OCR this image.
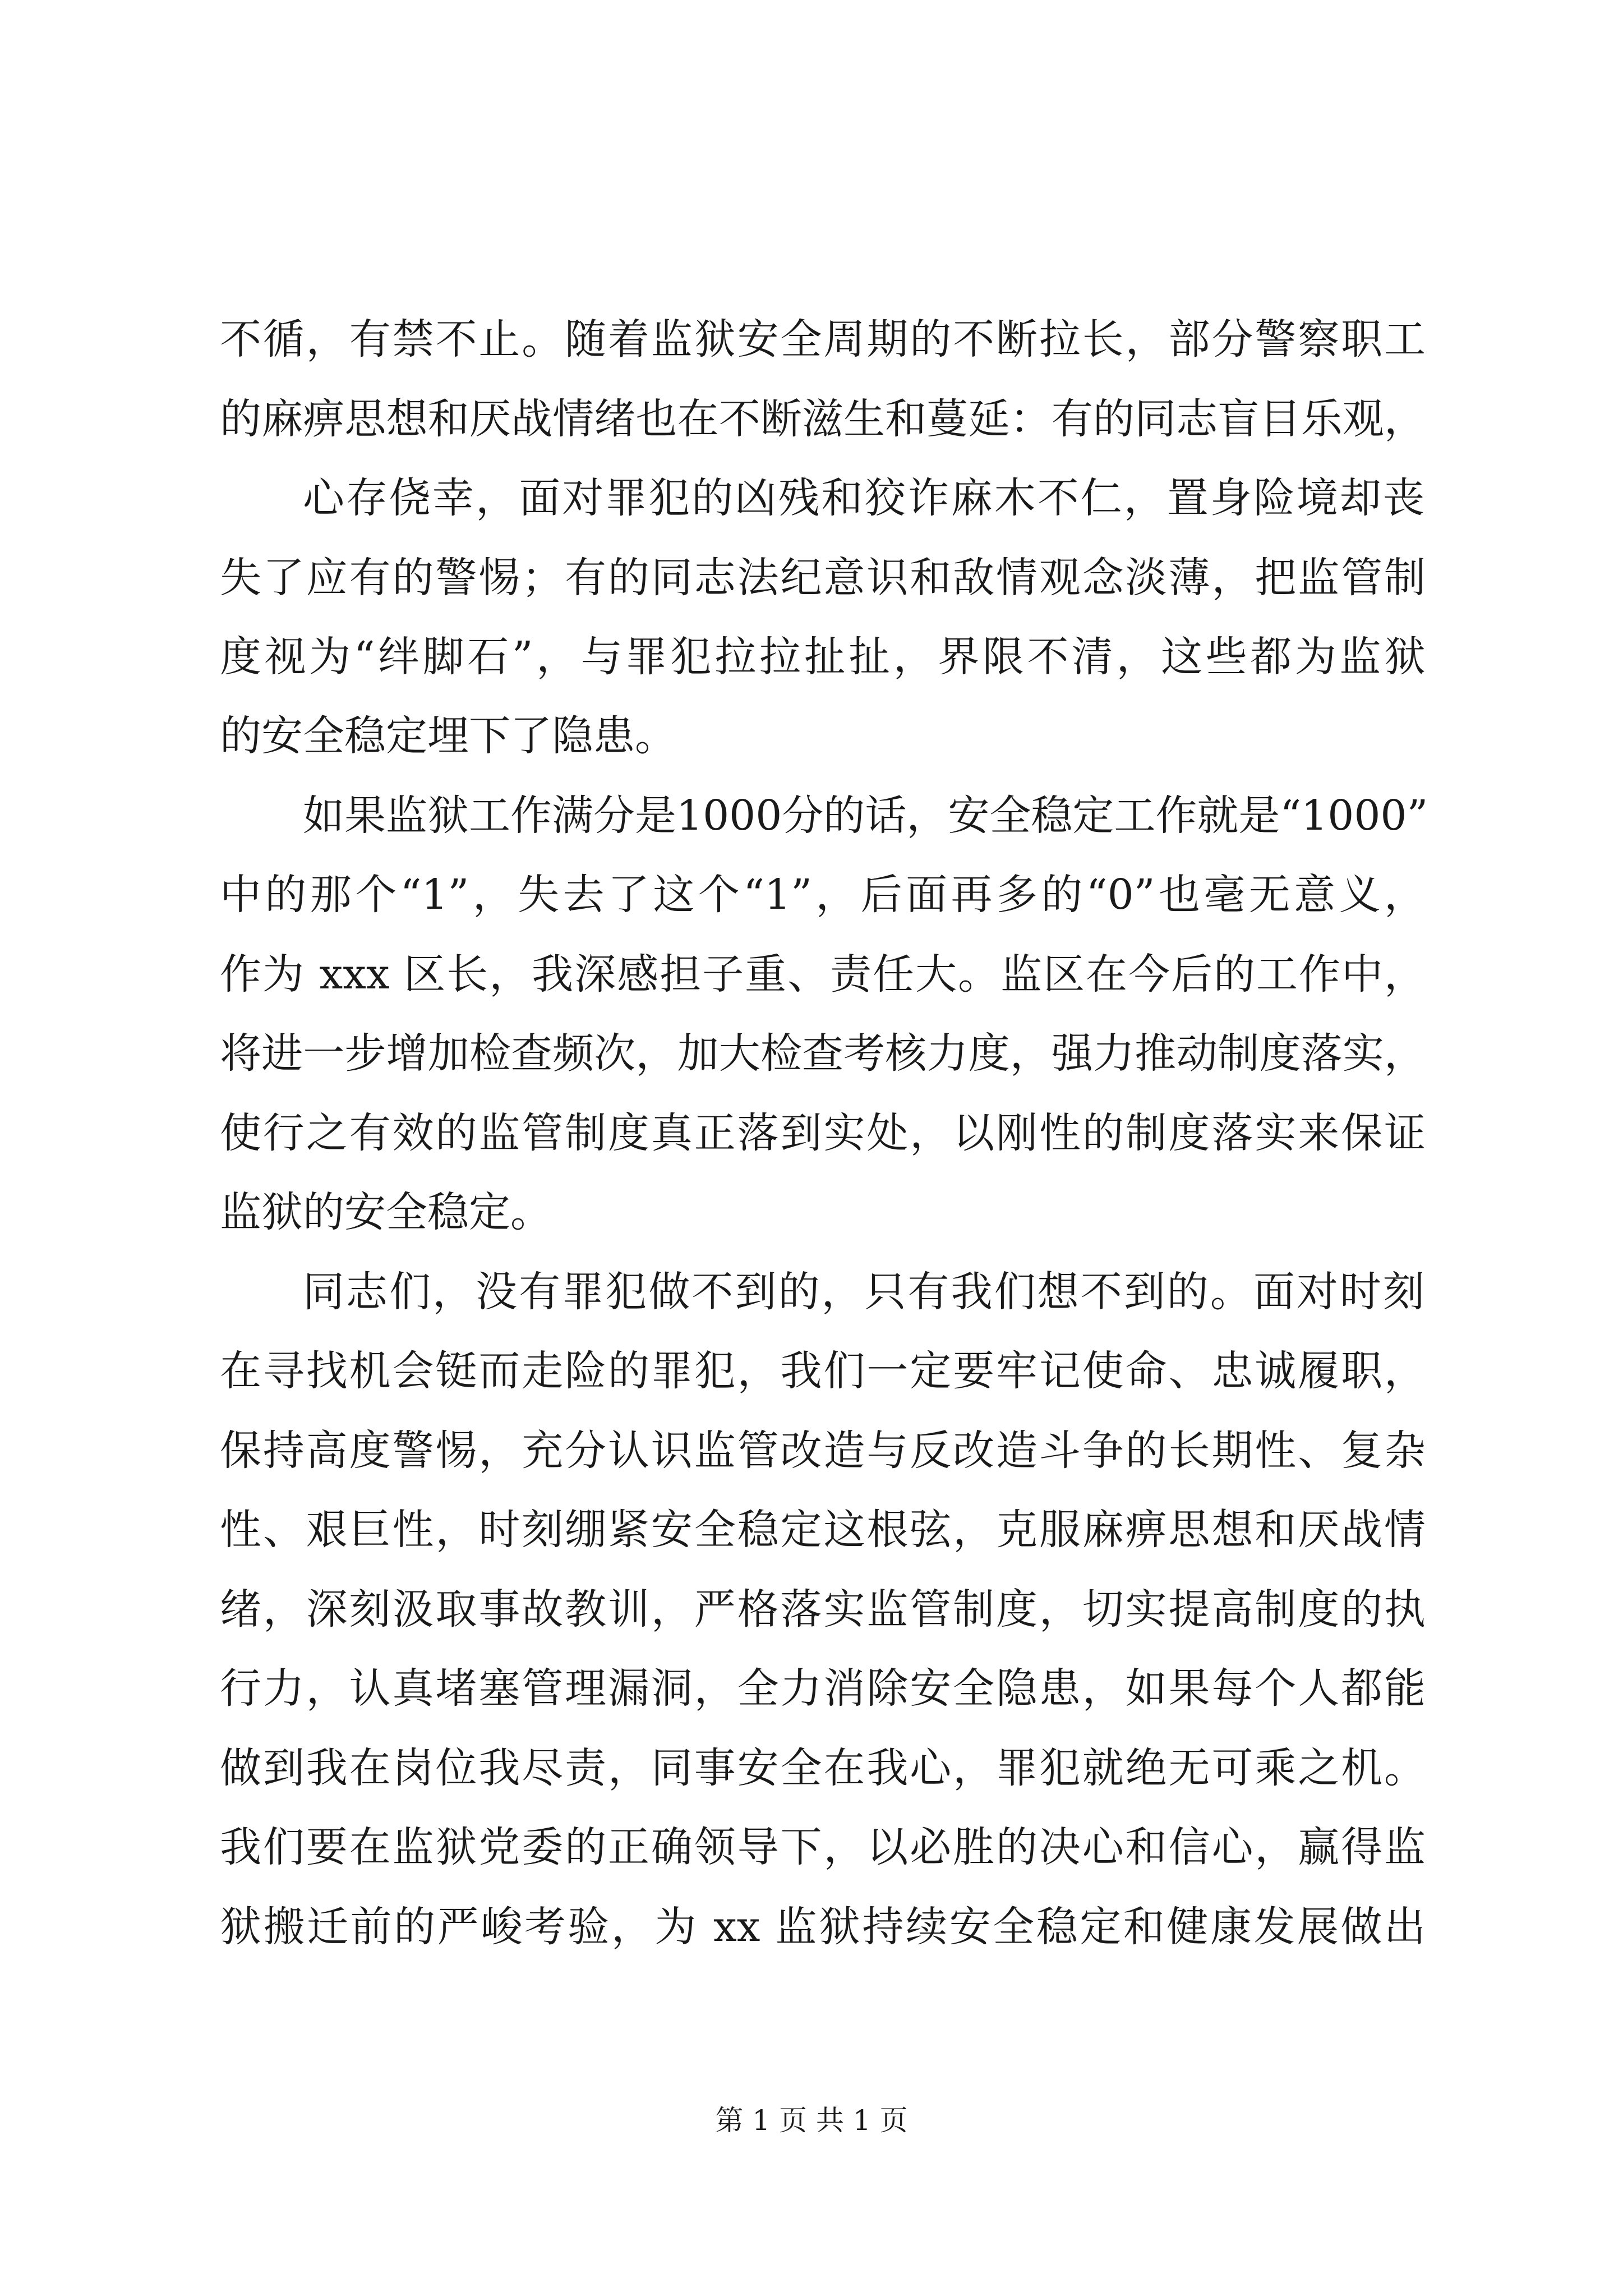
不循，有禁不止。随着监狱安全周期的不断拉长，部分警察职工

的麻痹思想和厌战情绪也在不断滋生和蔓延：有的同志盲目乐观，

心存侥幸，面对罪犯的凶残和狡诈麻木不仁，置身险境却丧

失了应有的警惕；有的同志法纪意识和敌情观念淡薄，把监管制

度视为“绊脚石”，与罪犯拉拉扯扯，界限不清，这些都为监狱

的安全稳定埋下了隐患。

如果监狱工作满分是1000分的话，安全稳定工作就是“1000”

中的那个“1”，失去了这个“1”，后面再多的“0”也毫无意义，

作为 xxx 区长，我深感担子重、责任大。监区在今后的工作中，

将进一步增加检查频次，加大检查考核力度，强力推动制度落实，

使行之有效的监管制度真正落到实处，以刚性的制度落实来保证

监狱的安全稳定。

同志们，没有罪犯做不到的，只有我们想不到的。面对时刻

在寻找机会铤而走险的罪犯，我们一定要牢记使命、忠诚履职，

保持高度警惕，充分认识监管改造与反改造斗争的长期性、复杂

性、艰巨性，时刻绷紧安全稳定这根弦，克服麻痹思想和厌战情

绪，深刻汲取事故教训，严格落实监管制度，切实提高制度的执

行力，认真堵塞管理漏洞，全力消除安全隐患，如果每个人都能

做到我在岗位我尽责，同事安全在我心，罪犯就绝无可乘之机。

我们要在监狱党委的正确领导下，以必胜的决心和信心，赢得监

狱搬迁前的严峻考验，为 xx 监狱持续安全稳定和健康发展做出

第 1 页 共 1 页
